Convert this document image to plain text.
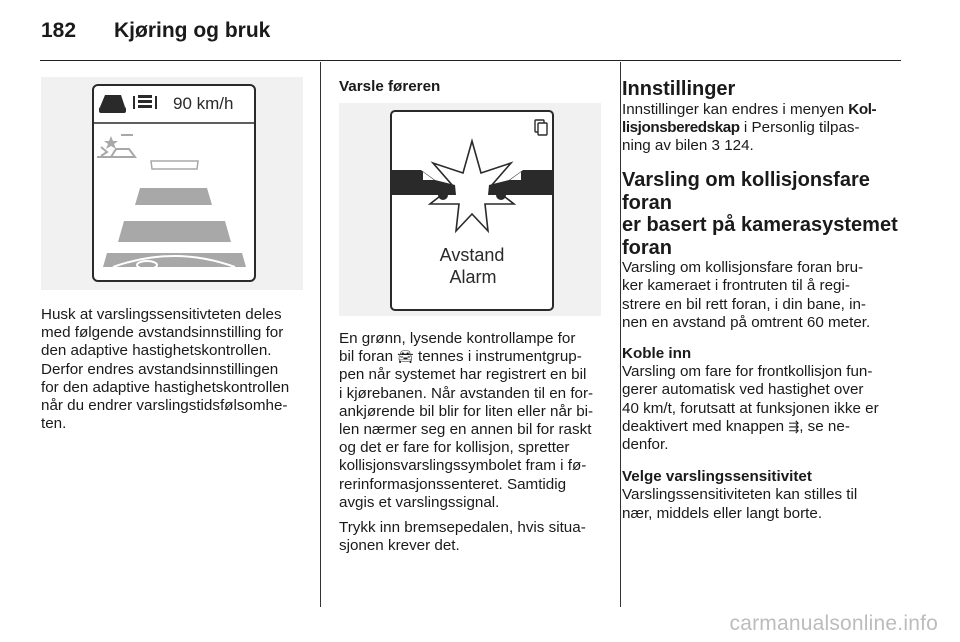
182 Kjøring og bruk
90 km/h

Husk at varslingssensitivteten deles

med følgende avstandsinnstilling for

den adaptive hastighetskontrollen.

Derfor endres avstandsinnstillingen

for den adaptive hastighetskontrollen

når du endrer varslingstidsfølsomhe-

ten.

Varsle føreren
Avstand
Alarm

En grønn, lysende kontrollampe for

bil foran 🚘︎ tennes i instrumentgrup-

pen når systemet har registrert en bil

i kjørebanen. Når avstanden til en for-

ankjørende bil blir for liten eller når bi-

len nærmer seg en annen bil for raskt

og det er fare for kollisjon, spretter

kollisjonsvarslingssymbolet fram i fø-

rerinformasjonssenteret. Samtidig

avgis et varslingssignal.

Trykk inn bremsepedalen, hvis situa-

sjonen krever det.

Innstillinger

Innstillinger kan endres i menyen Kol-

lisjonsberedskap i Personlig tilpas-

ning av bilen 3 124.

Varsling om kollisjonsfare foran

er basert på kamerasystemet

foran

Varsling om kollisjonsfare foran bru-

ker kameraet i frontruten til å regi-

strere en bil rett foran, i din bane, in-

nen en avstand på omtrent 60 meter.

Koble inn

Varsling om fare for frontkollisjon fun-

gerer automatisk ved hastighet over

40 km/t, forutsatt at funksjonen ikke er

deaktivert med knappen ⇶, se ne-

denfor.

Velge varslingssensitivitet

Varslingssensitiviteten kan stilles til

nær, middels eller langt borte.

carmanualsonline.info
